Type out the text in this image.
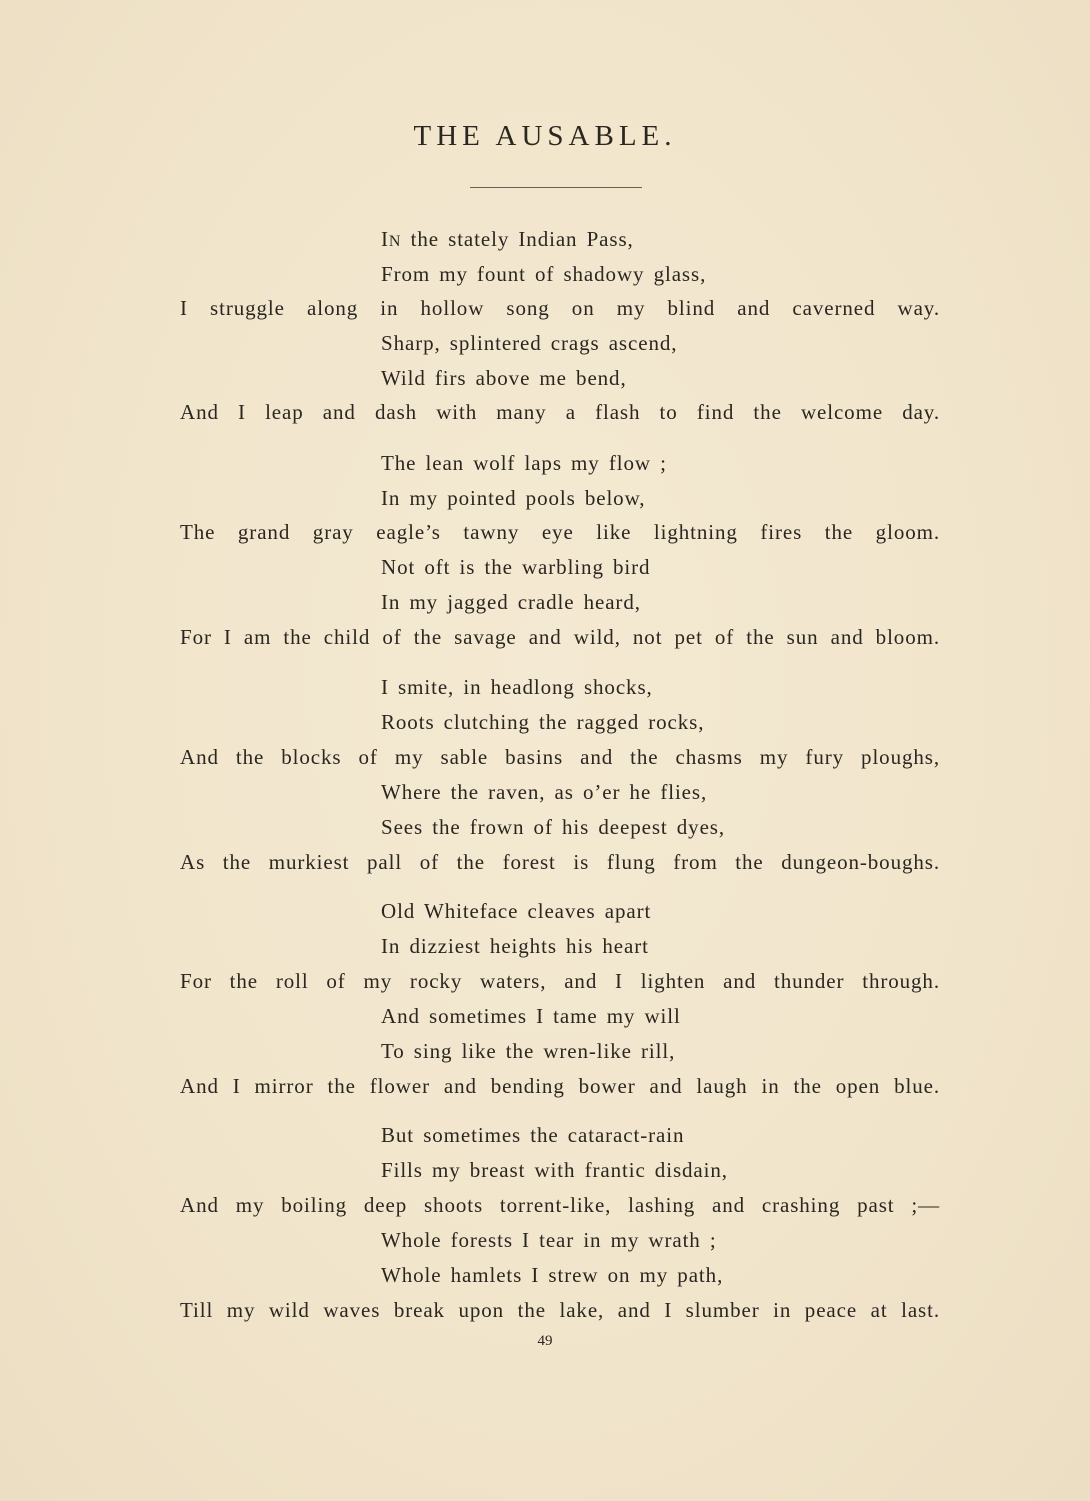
THE AUSABLE.
IN the stately Indian Pass,
From my fount of shadowy glass,
I struggle along in hollow song on my blind and caverned way.
Sharp, splintered crags ascend,
Wild firs above me bend,
And I leap and dash with many a flash to find the welcome day.
The lean wolf laps my flow ;
In my pointed pools below,
The grand gray eagle’s tawny eye like lightning fires the gloom.
Not oft is the warbling bird
In my jagged cradle heard,
For I am the child of the savage and wild, not pet of the sun and bloom.
I smite, in headlong shocks,
Roots clutching the ragged rocks,
And the blocks of my sable basins and the chasms my fury ploughs,
Where the raven, as o’er he flies,
Sees the frown of his deepest dyes,
As the murkiest pall of the forest is flung from the dungeon-boughs.
Old Whiteface cleaves apart
In dizziest heights his heart
For the roll of my rocky waters, and I lighten and thunder through.
And sometimes I tame my will
To sing like the wren-like rill,
And I mirror the flower and bending bower and laugh in the open blue.
But sometimes the cataract-rain
Fills my breast with frantic disdain,
And my boiling deep shoots torrent-like, lashing and crashing past ;—
Whole forests I tear in my wrath ;
Whole hamlets I strew on my path,
Till my wild waves break upon the lake, and I slumber in peace at last.
49
